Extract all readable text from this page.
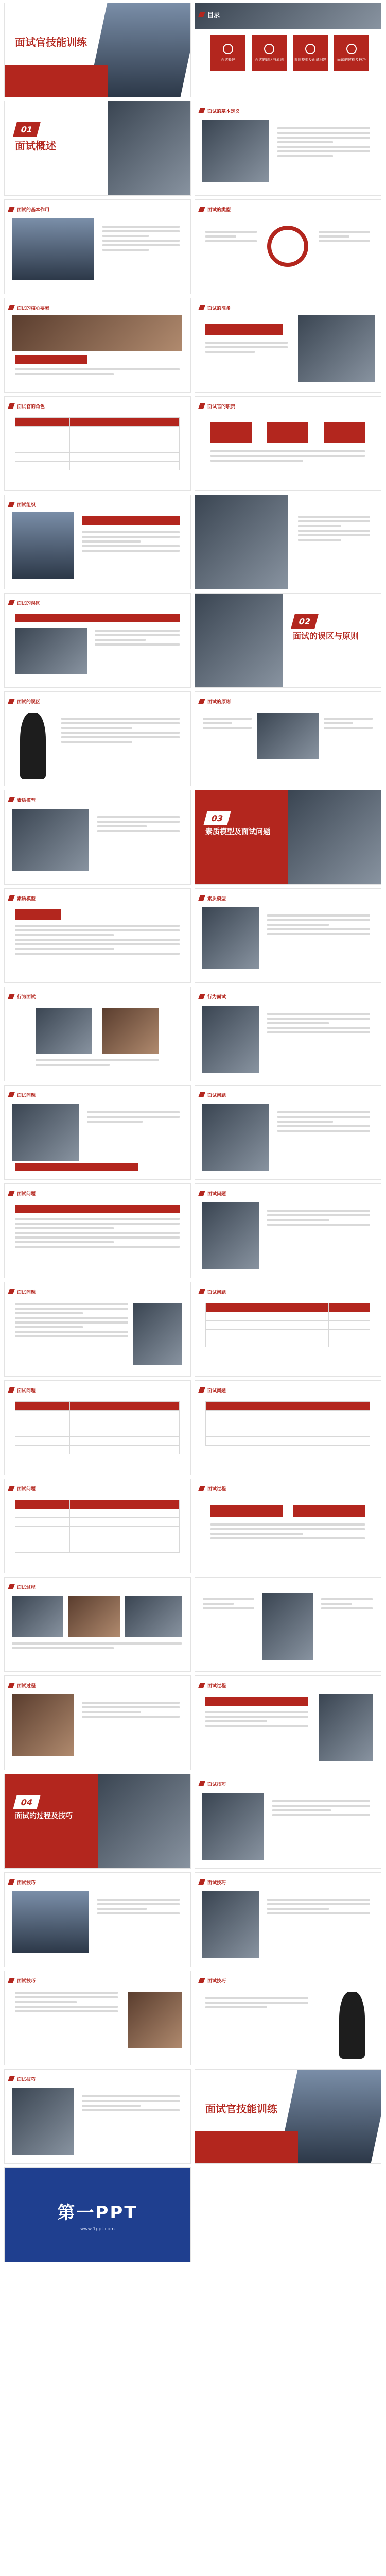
面试官技能训练
目录
面试概述	面试的误区与原则	素质模型及面试问题	面试的过程及技巧
01
面试概述
面试的基本定义
面试的基本作用	面试的类型
面试的核心要素	面试的准备
面试官的角色

			面试官的职责
面试组织
面试的误区
02
面试的误区与原则
面试的误区	面试的原则
素质模型
03
素质模型及面试问题
素质模型	素质模型
行为面试	行为面试
面试问题	面试问题
面试问题	面试问题
面试问题	面试问题

面试问题

			面试问题

面试问题

			面试过程
面试过程
面试过程	面试过程
04
面试的过程及技巧
面试技巧
面试技巧	面试技巧
面试技巧	面试技巧
面试技巧
面试官技能训练
第一PPT
www.1ppt.com
